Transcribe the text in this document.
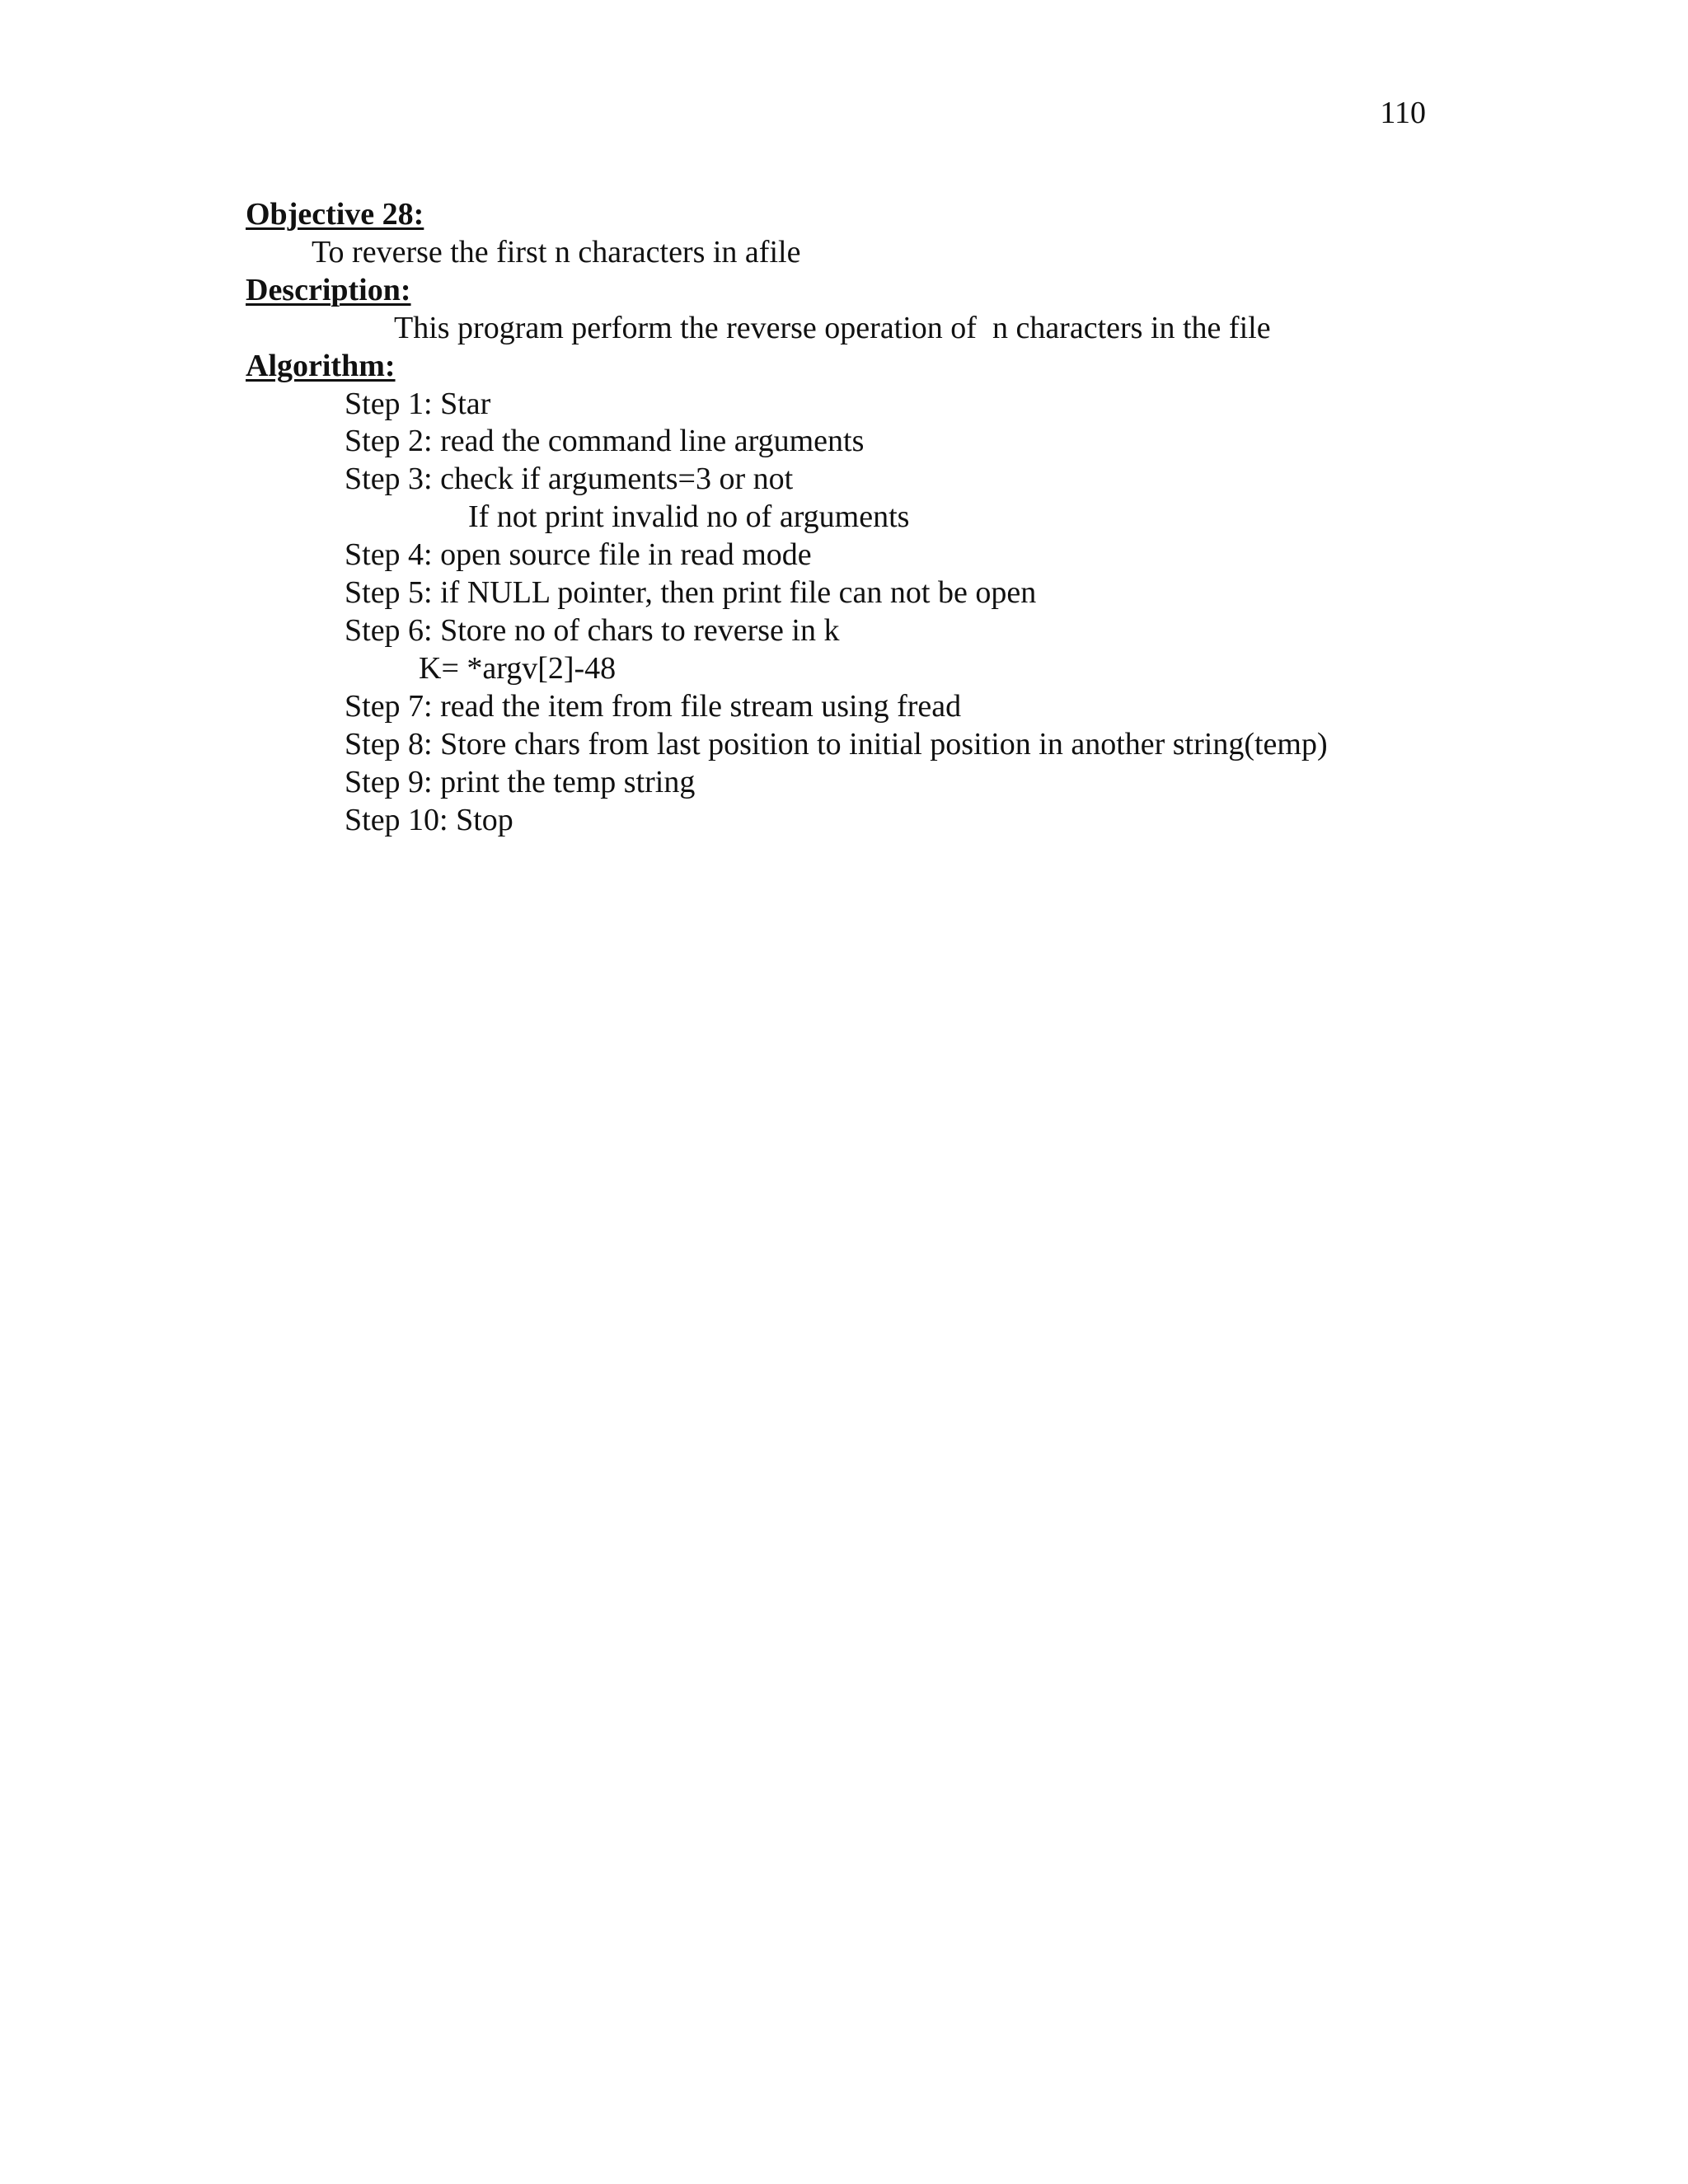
110
Objective 28:
To reverse the first n characters in afile
Description:
This program perform the reverse operation of  n characters in the file
Algorithm:
Step 1: Star
Step 2: read the command line arguments
Step 3: check if arguments=3 or not
If not print invalid no of arguments
Step 4: open source file in read mode
Step 5: if NULL pointer, then print file can not be open
Step 6: Store no of chars to reverse in k
K= *argv[2]-48
Step 7: read the item from file stream using fread
Step 8: Store chars from last position to initial position in another string(temp)
Step 9: print the temp string
Step 10: Stop
